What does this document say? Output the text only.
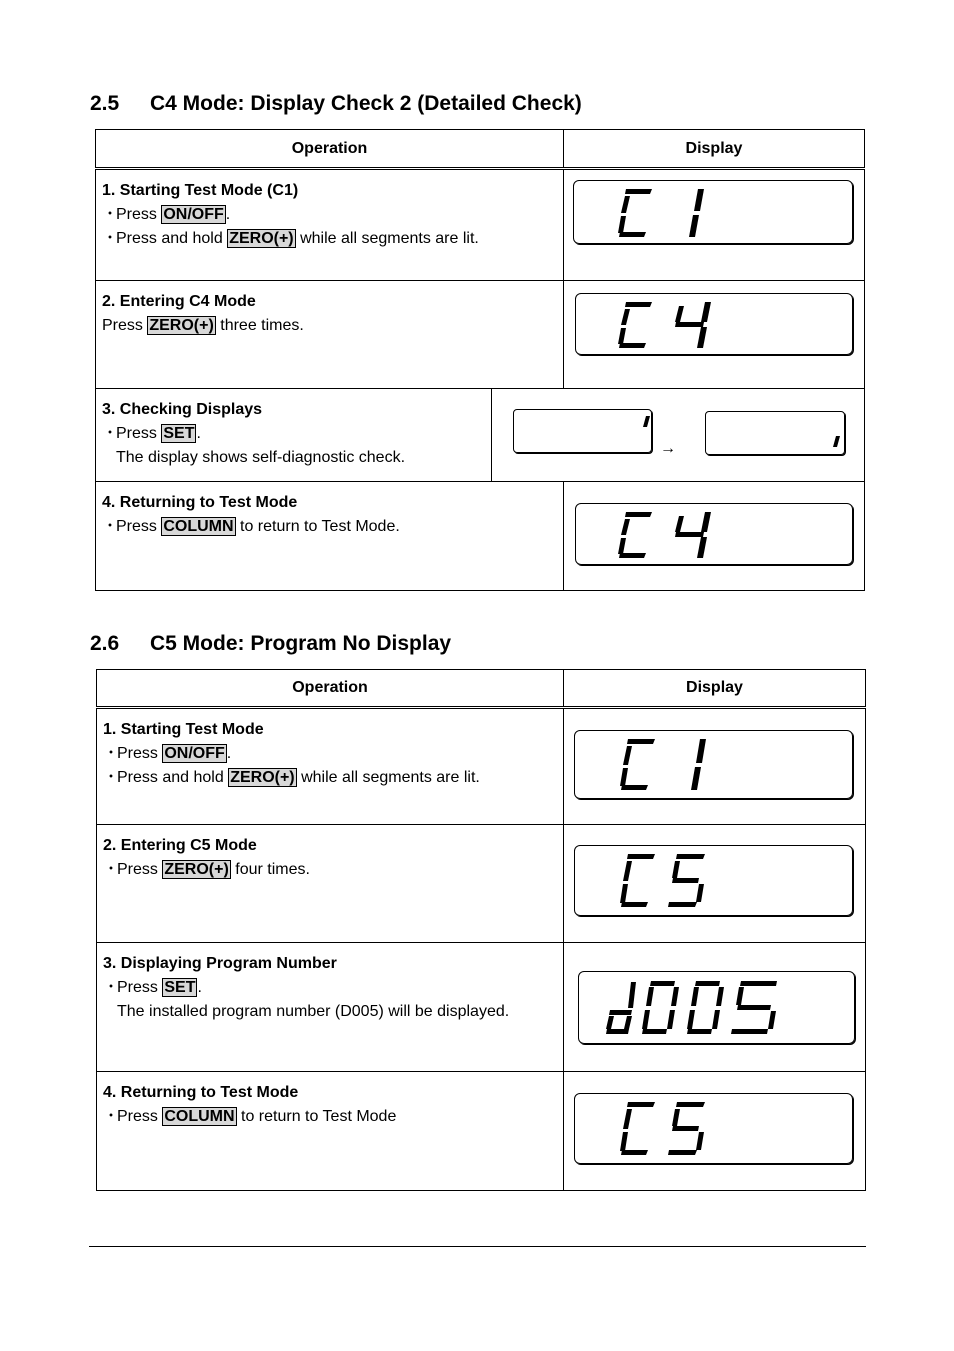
2.5 C4 Mode: Display Check 2 (Detailed Check)
Operation		Display

1. Starting Test Mode (C1)
・
Press ON/OFF .
・
Press and hold ZERO(+) while all segments are lit.

2. Entering C4 Mode
Press ZERO(+) three times.

3. Checking Displays
・
Press SET .
The display shows self-diagnostic check.	→	

4. Returning to Test Mode
・
Press COLUMN to return to Test Mode.

2.6 C5 Mode: Program No Display
Operation	Display

1. Starting Test Mode
・
Press ON/OFF .
・
Press and hold ZERO(+) while all segments are lit.

2. Entering C5 Mode
・
Press ZERO(+) four times.

3. Displaying Program Number
・
Press SET .
The installed program number (D005) will be displayed.

4. Returning to Test Mode
・
Press COLUMN to return to Test Mode
